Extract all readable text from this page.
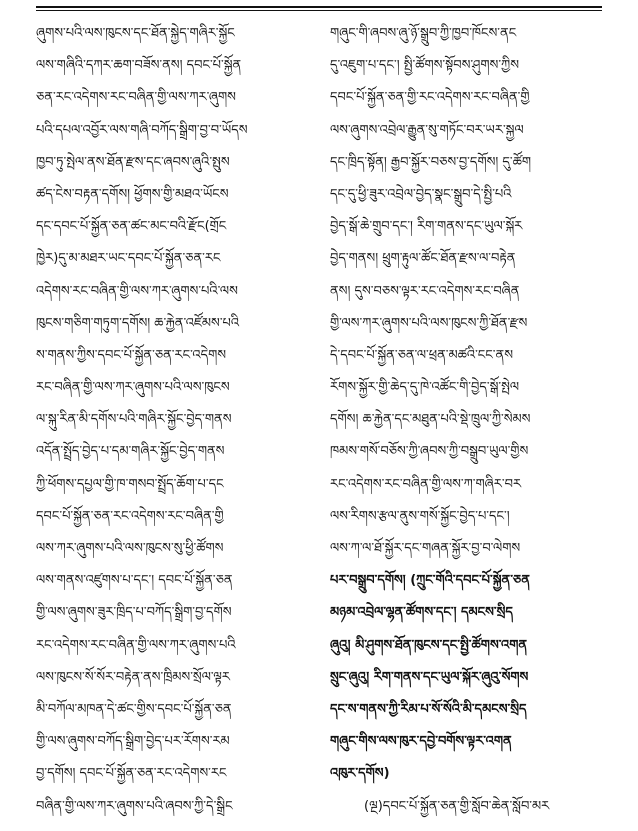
ཞུགས་པའི་ལས་ཁུངས་དང་ཐོན་སྐྱེད་གཞིར་སྐྱོང
ལས་གཞིའི་དཀར་ཆག་བཟོས་ནས། དབང་པོ་སྐྱོན
ཅན་རང་འདེགས་རང་བཞིན་གྱི་ལས་ཀར་ཞུགས
པའི་དཔལ་འབྱོར་ལས་གཞི་བཀོད་སྒྲིག་བྱ་བ་ཡོདས
ཁྱབ་ཏུ་སྤེལ་ནས་ཐོན་རྫས་དང་ཞབས་ཞུའི་སྤུས
ཚད་ངེས་བརྟན་དགོས། ཕྱོགས་གྱི་མཐའ་ཡོངས
དང་དབང་པོ་སྐྱོན་ཅན་ཚང་མང་བའི་རྫོང(གྲོང
ཁྱེར)དུ་མ་མཐར་ཡང་དབང་པོ་སྐྱོན་ཅན་རང
འདེགས་རང་བཞིན་གྱི་ལས་ཀར་ཞུགས་པའི་ལས
ཁུངས་གཅིག་གཏུག་དགོས། ཆ་རྐྱེན་འཛོམས་པའི
ས་གནས་ཀྱིས་དབང་པོ་སྐྱོན་ཅན་རང་འདེགས
རང་བཞིན་གྱི་ལས་ཀར་ཞུགས་པའི་ལས་ཁུངས
ལ་སྐུ་རིན་མི་དགོས་པའི་གཞིར་སྐྱོང་བྱེད་གནས
འདོན་སྤྲོད་བྱེད་པ་དམ་གཞིར་སྐྱོང་བྱེད་གནས
ཀྱི་ཕོགས་དཔྱལ་གྱི་ཁ་གསབ་སྤྲོད་ཆོག་པ་དང
དབང་པོ་སྐྱོན་ཅན་རང་འདེགས་རང་བཞིན་གྱི
ལས་ཀར་ཞུགས་པའི་ལས་ཁུངས་སུ་ཕྱི་ཚོགས
ལས་གནས་འཛུགས་པ་དང་། དབང་པོ་སྐྱོན་ཅན
གྱི་ལས་ཞུགས་ཟུར་ཁྲིད་པ་བཀོད་སྒྲིག་བྱ་དགོས
རང་འདེགས་རང་བཞིན་གྱི་ལས་ཀར་ཞུགས་པའི
ལས་ཁུངས་སོ་སོར་བརྟེན་ནས་ཁྲིམས་སྲོལ་ལྟར
མི་བཀོལ་མཁན་དེ་ཚང་གྱིས་དབང་པོ་སྐྱོན་ཅན
གྱི་ལས་ཞུགས་བཀོད་སྒྲིག་བྱེད་པར་རོགས་རམ
བྱ་དགོས། དབང་པོ་སྐྱོན་ཅན་རང་འདེགས་རང
བཞིན་གྱི་ལས་ཀར་ཞུགས་པའི་ཞབས་ཀྱི་དེ་སྒྲིང
གཞུང་གི་ཞབས་ཞུ་ཉོ་སྒྲུབ་ཀྱི་ཁྱབ་ཁོངས་ནང
དུ་འཇུག་པ་དང་། སྤྱི་ཚོགས་སྟོབས་ཤུགས་ཀྱིས
དབང་པོ་སྐྱོན་ཅན་གྱི་རང་འདེགས་རང་བཞིན་གྱི
ལས་ཞུགས་འབྲེལ་རྒྱུན་སུ་གཏོང་བར་ཡར་སྐྱལ
དང་ཁྲིད་སྟོན། རྒྱབ་སྐྱོར་བཅས་བྱ་དགོས། དུ་ཚོག
དང་དུ་ཕྱི་ཟུར་འབྲེལ་བྱེད་སྣང་སྒྲུབ་དེ་སྤྱི་པའི
བྱེད་སྒོ་ཆེ་གྲུབ་དང་། རིག་གནས་དང་ཡུལ་སྐོར
བྱེད་གནས། ཕྲུག་རྟུལ་ཚོང་ཐོན་རྫས་ལ་བརྟེན
ནས། དུས་བཅས་ལྟར་རང་འདེགས་རང་བཞིན
གྱི་ལས་ཀར་ཞུགས་པའི་ལས་ཁུངས་ཀྱི་ཐོན་རྫས
དེ་དབང་པོ་སྐྱོན་ཅན་ལ་ཕྲན་མཚའི་ངང་ནས
རོགས་སྐྱོར་གྱི་ཆེད་དུ་ཁེ་འཚོང་གི་བྱེད་སྒོ་སྤེལ
དགོས། ཆ་རྐྱེན་དང་མཐུན་པའི་སྡེ་ཁྲུལ་ཀྱི་སེམས
ཁམས་གསོ་བཅོས་ཀྱི་ཞབས་ཀྱི་བསྒྲུབ་ཡུལ་གྱིས
རང་འདེགས་རང་བཞིན་གྱི་ལས་ཀ་གཞིར་བར
ལས་རིགས་རྩལ་ནུས་གསོ་སྐྱོང་བྱེད་པ་དང་།
ལས་ཀ་ལ་ཐོ་སྐྱོར་དང་གཞན་སྐྱོར་བྱ་བ་ལེགས
པར་བསྒྲུབ་དགོས། (ཀྲུང་གོའི་དབང་པོ་སྐྱོན་ཅན
མཉམ་འབྲེལ་ལྷན་ཚོགས་དང་། དམངས་སྲིད
ཞུའུ། མི་ཤུགས་ཐོན་ཁུངས་དང་སྤྱི་ཚོགས་འགན
སྲུང་ཞུའུ། རིག་གནས་དང་ཡུལ་སྐོར་ཞུའུ་སོགས
དང་ས་གནས་ཀྱི་རིམ་པ་སོ་སོའི་མི་དམངས་སྲིད
གཞུང་གིས་ལས་ཁུར་དབྱེ་བགོས་ལྟར་འགན
འཁུར་དགོས)
(ལྔ)དབང་པོ་སྐྱོན་ཅན་གྱི་སློབ་ཆེན་སློབ་མར
